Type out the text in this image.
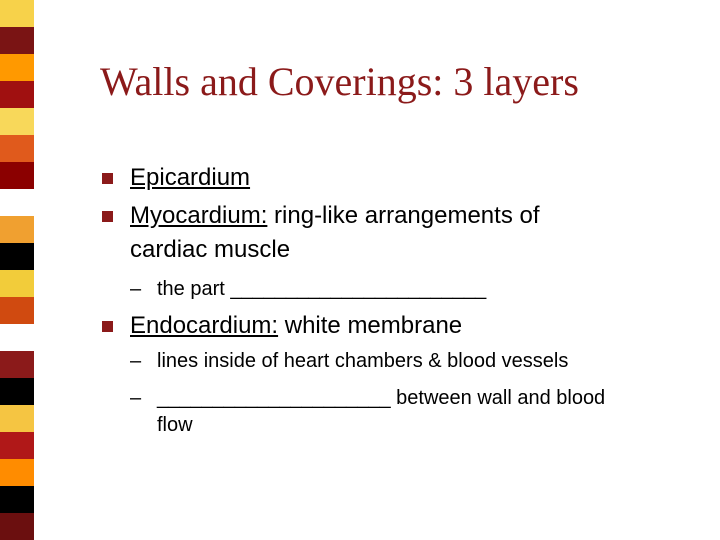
Walls and Coverings: 3 layers
Epicardium
Myocardium: ring-like arrangements of
cardiac muscle
– the part _______________________
Endocardium: white membrane
– lines inside of heart chambers & blood vessels
– _____________________ between wall and blood
flow
